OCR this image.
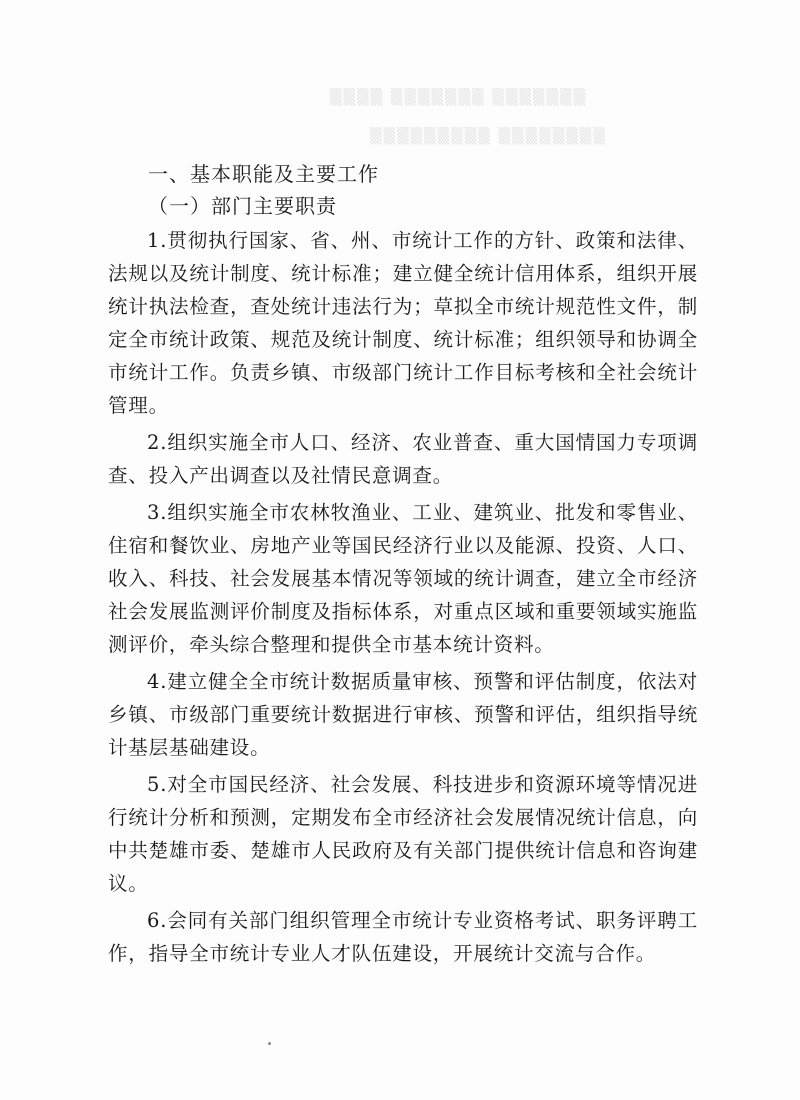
▒▒▒▒ ▒▒▒▒▒▒▒ ▒▒▒▒▒▒▒
▒▒▒▒▒▒▒▒▒ ▒▒▒▒▒▒▒▒
一、基本职能及主要工作
（一）部门主要职责

1.贯彻执行国家、省、州、市统计工作的方针、政策和法律、法规以及统计制度、统计标准；建立健全统计信用体系，组织开展统计执法检查，查处统计违法行为；草拟全市统计规范性文件，制定全市统计政策、规范及统计制度、统计标准；组织领导和协调全市统计工作。负责乡镇、市级部门统计工作目标考核和全社会统计管理。

2.组织实施全市人口、经济、农业普查、重大国情国力专项调查、投入产出调查以及社情民意调查。

3.组织实施全市农林牧渔业、工业、建筑业、批发和零售业、住宿和餐饮业、房地产业等国民经济行业以及能源、投资、人口、收入、科技、社会发展基本情况等领域的统计调查，建立全市经济社会发展监测评价制度及指标体系，对重点区域和重要领域实施监测评价，牵头综合整理和提供全市基本统计资料。

4.建立健全全市统计数据质量审核、预警和评估制度，依法对乡镇、市级部门重要统计数据进行审核、预警和评估，组织指导统计基层基础建设。

5.对全市国民经济、社会发展、科技进步和资源环境等情况进行统计分析和预测，定期发布全市经济社会发展情况统计信息，向中共楚雄市委、楚雄市人民政府及有关部门提供统计信息和咨询建议。

6.会同有关部门组织管理全市统计专业资格考试、职务评聘工作，指导全市统计专业人才队伍建设，开展统计交流与合作。
